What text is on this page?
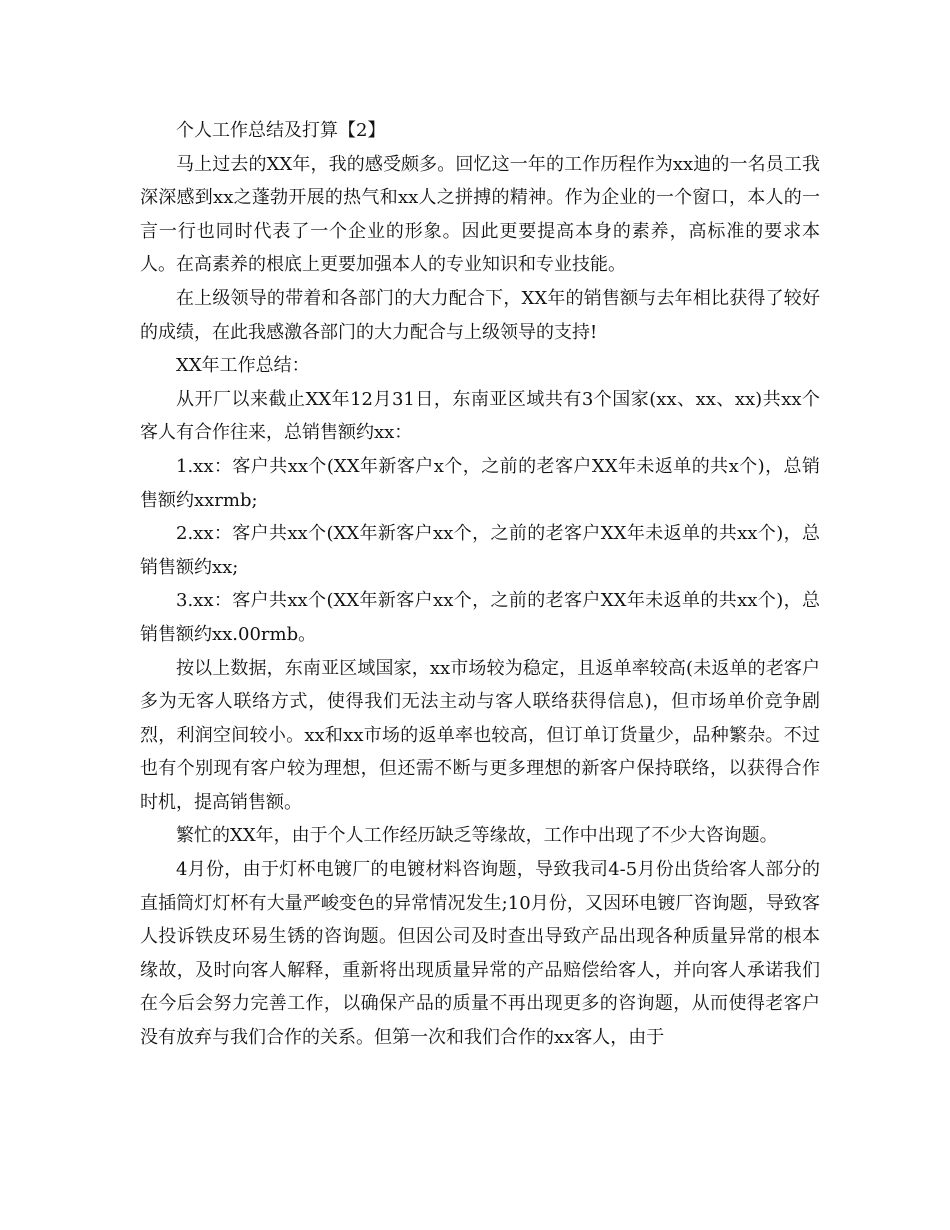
个人工作总结及打算【2】

马上过去的XX年，我的感受颇多。回忆这一年的工作历程作为xx迪的一名员工我深深感到xx之蓬勃开展的热气和xx人之拼搏的精神。作为企业的一个窗口，本人的一言一行也同时代表了一个企业的形象。因此更要提高本身的素养，高标准的要求本人。在高素养的根底上更要加强本人的专业知识和专业技能。

在上级领导的带着和各部门的大力配合下，XX年的销售额与去年相比获得了较好的成绩，在此我感激各部门的大力配合与上级领导的支持!

XX年工作总结：

从开厂以来截止XX年12月31日，东南亚区域共有3个国家(xx、xx、xx)共xx个客人有合作往来，总销售额约xx：

1.xx：客户共xx个(XX年新客户x个，之前的老客户XX年未返单的共x个)，总销售额约xxrmb;

2.xx：客户共xx个(XX年新客户xx个，之前的老客户XX年未返单的共xx个)，总销售额约xx;

3.xx：客户共xx个(XX年新客户xx个，之前的老客户XX年未返单的共xx个)，总销售额约xx.00rmb。

按以上数据，东南亚区域国家，xx市场较为稳定，且返单率较高(未返单的老客户多为无客人联络方式，使得我们无法主动与客人联络获得信息)，但市场单价竞争剧烈，利润空间较小。xx和xx市场的返单率也较高，但订单订货量少，品种繁杂。不过也有个别现有客户较为理想，但还需不断与更多理想的新客户保持联络，以获得合作时机，提高销售额。

繁忙的XX年，由于个人工作经历缺乏等缘故，工作中出现了不少大咨询题。

4月份，由于灯杯电镀厂的电镀材料咨询题，导致我司4-5月份出货给客人部分的直插筒灯灯杯有大量严峻变色的异常情况发生;10月份，又因环电镀厂咨询题，导致客人投诉铁皮环易生锈的咨询题。但因公司及时查出导致产品出现各种质量异常的根本缘故，及时向客人解释，重新将出现质量异常的产品赔偿给客人，并向客人承诺我们在今后会努力完善工作，以确保产品的质量不再出现更多的咨询题，从而使得老客户没有放弃与我们合作的关系。但第一次和我们合作的xx客人，由于
